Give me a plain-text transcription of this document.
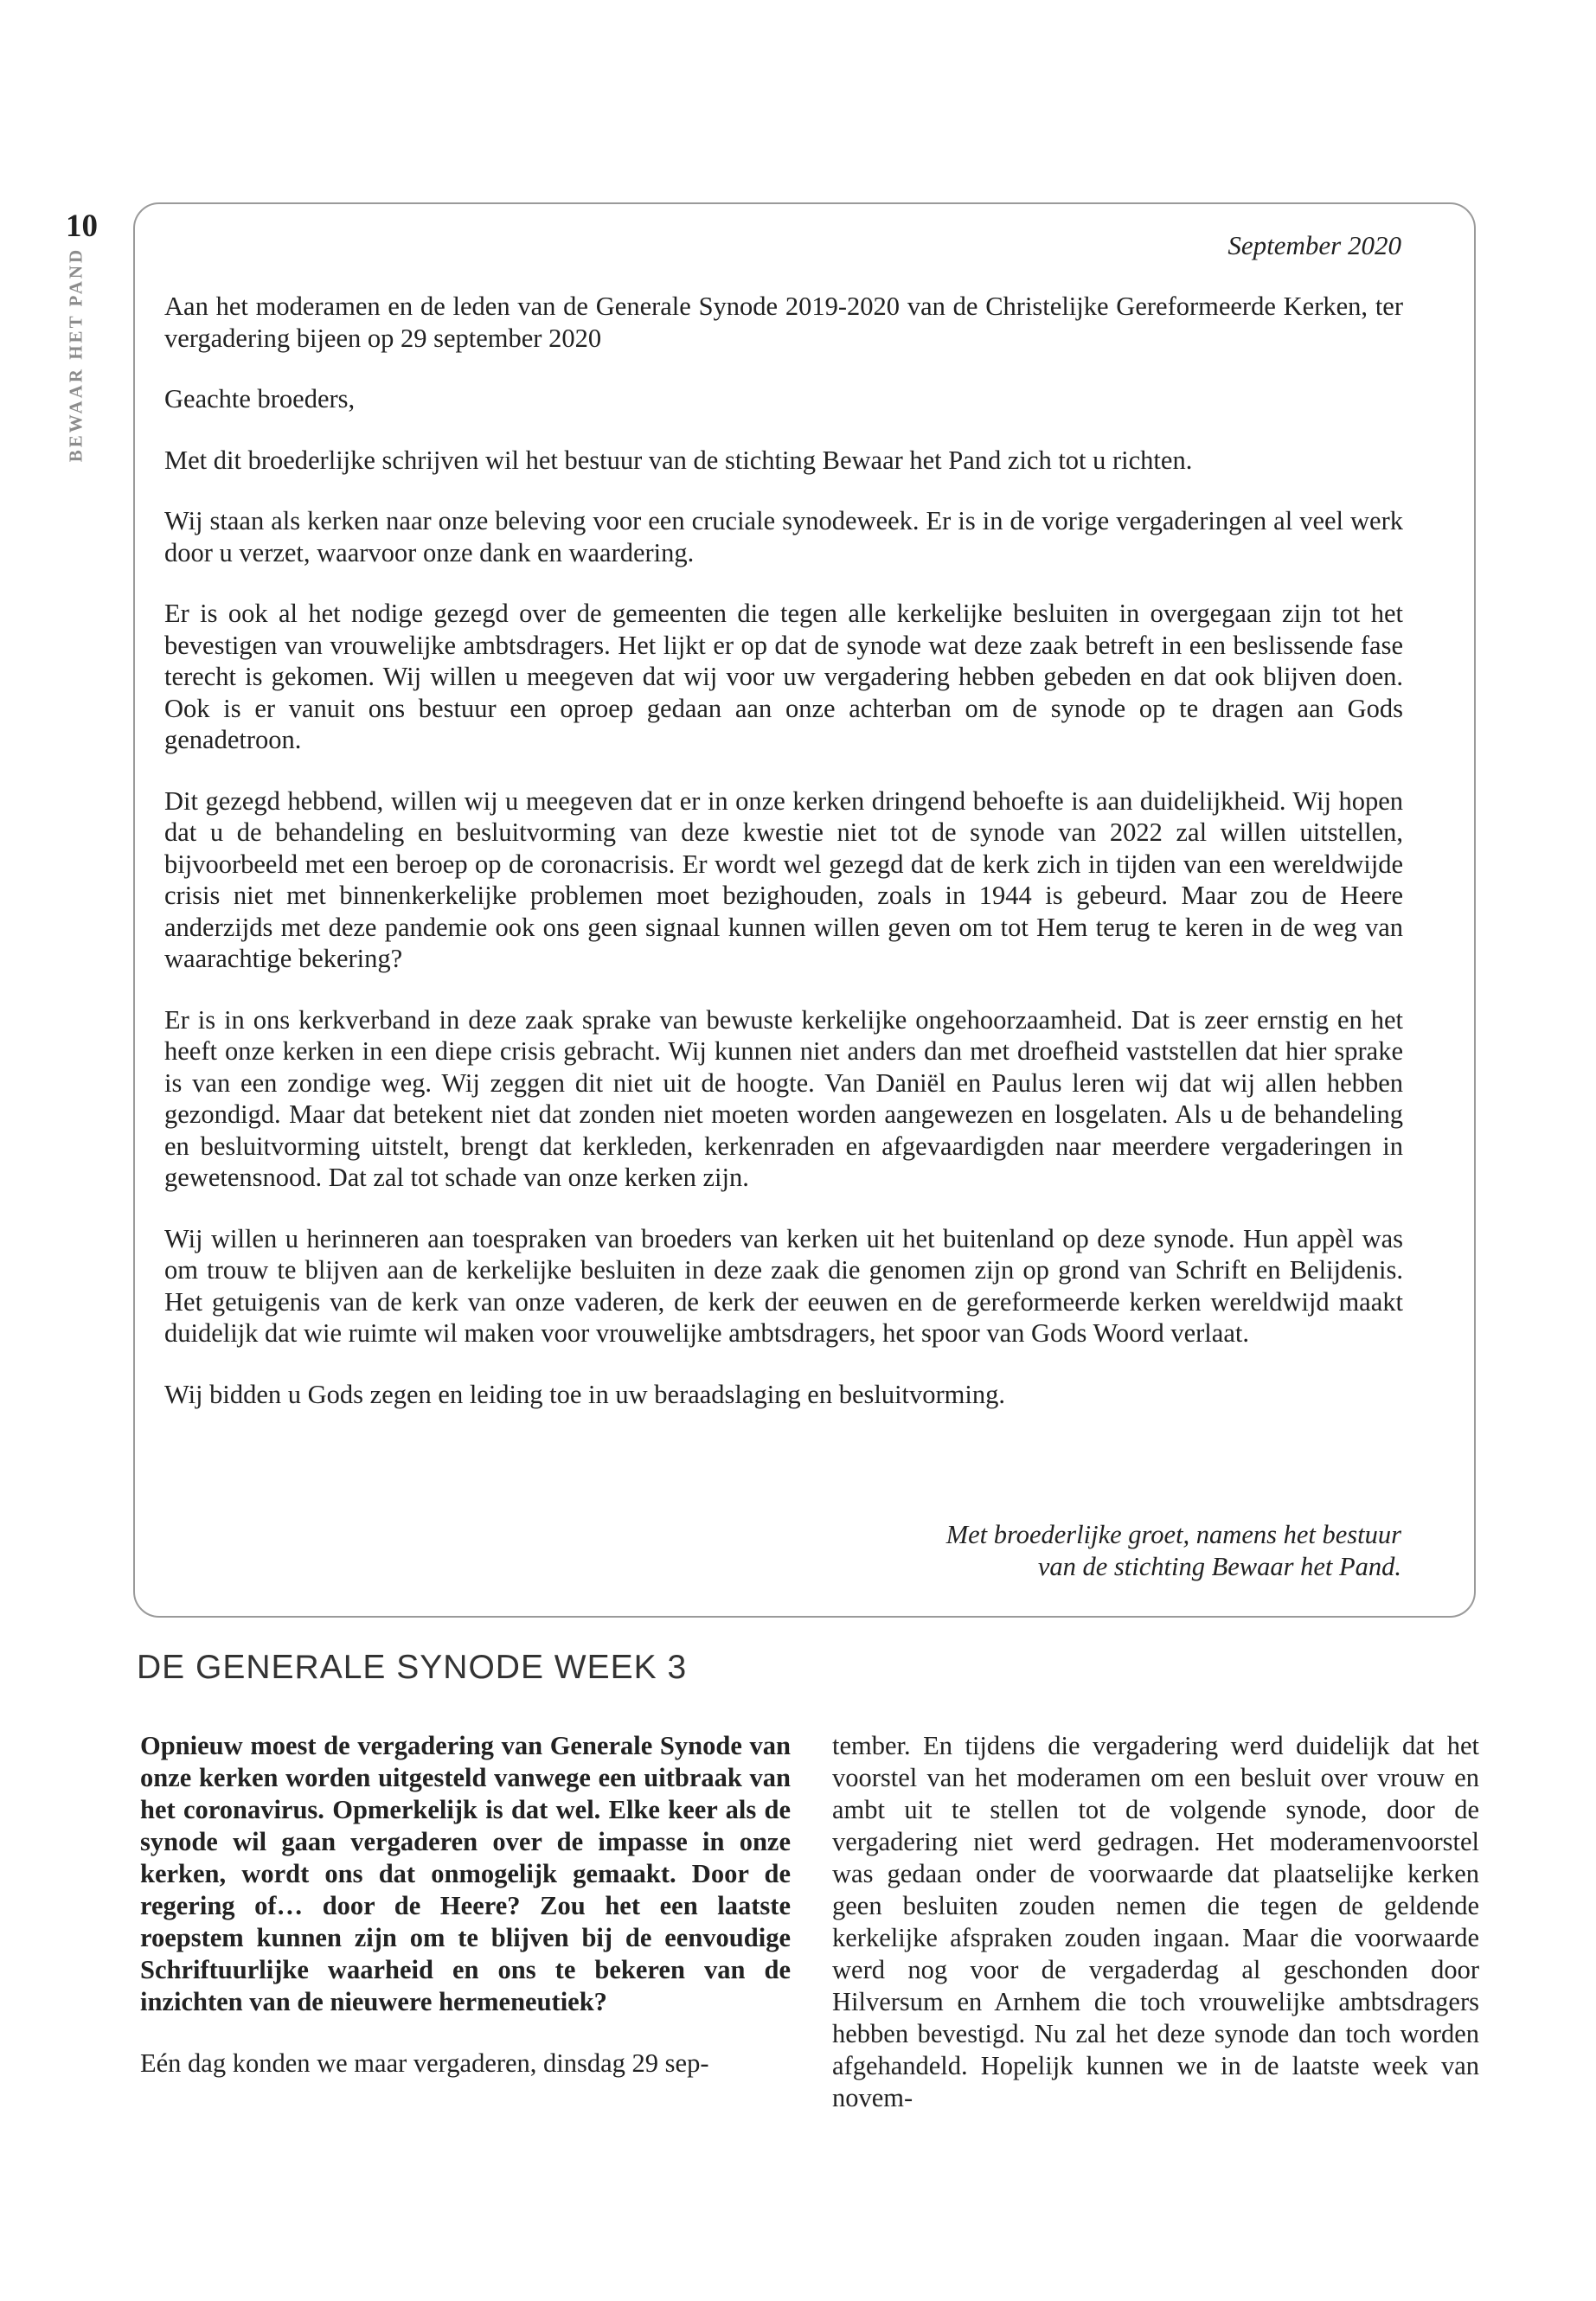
10
BEWAAR HET PAND
September 2020

Aan het moderamen en de leden van de Generale Synode 2019-2020 van de Christelijke Gereformeerde Kerken, ter vergadering bijeen op 29 september 2020

Geachte broeders,

Met dit broederlijke schrijven wil het bestuur van de stichting Bewaar het Pand zich tot u richten.

Wij staan als kerken naar onze beleving voor een cruciale synodeweek. Er is in de vorige vergaderingen al veel werk door u verzet, waarvoor onze dank en waardering.

Er is ook al het nodige gezegd over de gemeenten die tegen alle kerkelijke besluiten in overgegaan zijn tot het bevestigen van vrouwelijke ambtsdragers. Het lijkt er op dat de synode wat deze zaak betreft in een beslissende fase terecht is gekomen. Wij willen u meegeven dat wij voor uw vergadering hebben gebeden en dat ook blijven doen. Ook is er vanuit ons bestuur een oproep gedaan aan onze achterban om de synode op te dragen aan Gods genadetroon.

Dit gezegd hebbend, willen wij u meegeven dat er in onze kerken dringend behoefte is aan duidelijkheid. Wij hopen dat u de behandeling en besluitvorming van deze kwestie niet tot de synode van 2022 zal willen uitstellen, bijvoorbeeld met een beroep op de coronacrisis. Er wordt wel gezegd dat de kerk zich in tijden van een wereldwijde crisis niet met binnenkerkelijke problemen moet bezighouden, zoals in 1944 is gebeurd. Maar zou de Heere anderzijds met deze pandemie ook ons geen signaal kunnen willen geven om tot Hem terug te keren in de weg van waarachtige bekering?

Er is in ons kerkverband in deze zaak sprake van bewuste kerkelijke ongehoorzaamheid. Dat is zeer ernstig en het heeft onze kerken in een diepe crisis gebracht. Wij kunnen niet anders dan met droefheid vaststellen dat hier sprake is van een zondige weg. Wij zeggen dit niet uit de hoogte. Van Daniël en Paulus leren wij dat wij allen hebben gezondigd. Maar dat betekent niet dat zonden niet moeten worden aangewezen en losgelaten. Als u de behandeling en besluitvorming uitstelt, brengt dat kerkleden, kerkenraden en afgevaardigden naar meerdere vergaderingen in gewetensnood. Dat zal tot schade van onze kerken zijn.

Wij willen u herinneren aan toespraken van broeders van kerken uit het buitenland op deze synode. Hun appèl was om trouw te blijven aan de kerkelijke besluiten in deze zaak die genomen zijn op grond van Schrift en Belijdenis. Het getuigenis van de kerk van onze vaderen, de kerk der eeuwen en de gereformeerde kerken wereldwijd maakt duidelijk dat wie ruimte wil maken voor vrouwelijke ambtsdragers, het spoor van Gods Woord verlaat.

Wij bidden u Gods zegen en leiding toe in uw beraadslaging en besluitvorming.

Met broederlijke groet, namens het bestuur
van de stichting Bewaar het Pand.
DE GENERALE SYNODE WEEK 3

Opnieuw moest de vergadering van Generale Synode van onze kerken worden uitgesteld vanwege een uitbraak van het coronavirus. Opmerkelijk is dat wel. Elke keer als de synode wil gaan vergaderen over de impasse in onze kerken, wordt ons dat onmogelijk gemaakt. Door de regering of… door de Heere? Zou het een laatste roepstem kunnen zijn om te blijven bij de eenvoudige Schriftuurlijke waarheid en ons te bekeren van de inzichten van de nieuwere hermeneutiek?

Eén dag konden we maar vergaderen, dinsdag 29 sep-

tember. En tijdens die vergadering werd duidelijk dat het voorstel van het moderamen om een besluit over vrouw en ambt uit te stellen tot de volgende synode, door de vergadering niet werd gedragen. Het moderamenvoorstel was gedaan onder de voorwaarde dat plaatselijke kerken geen besluiten zouden nemen die tegen de geldende kerkelijke afspraken zouden ingaan. Maar die voorwaarde werd nog voor de vergaderdag al geschonden door Hilversum en Arnhem die toch vrouwelijke ambtsdragers hebben bevestigd. Nu zal het deze synode dan toch worden afgehandeld. Hopelijk kunnen we in de laatste week van novem-
